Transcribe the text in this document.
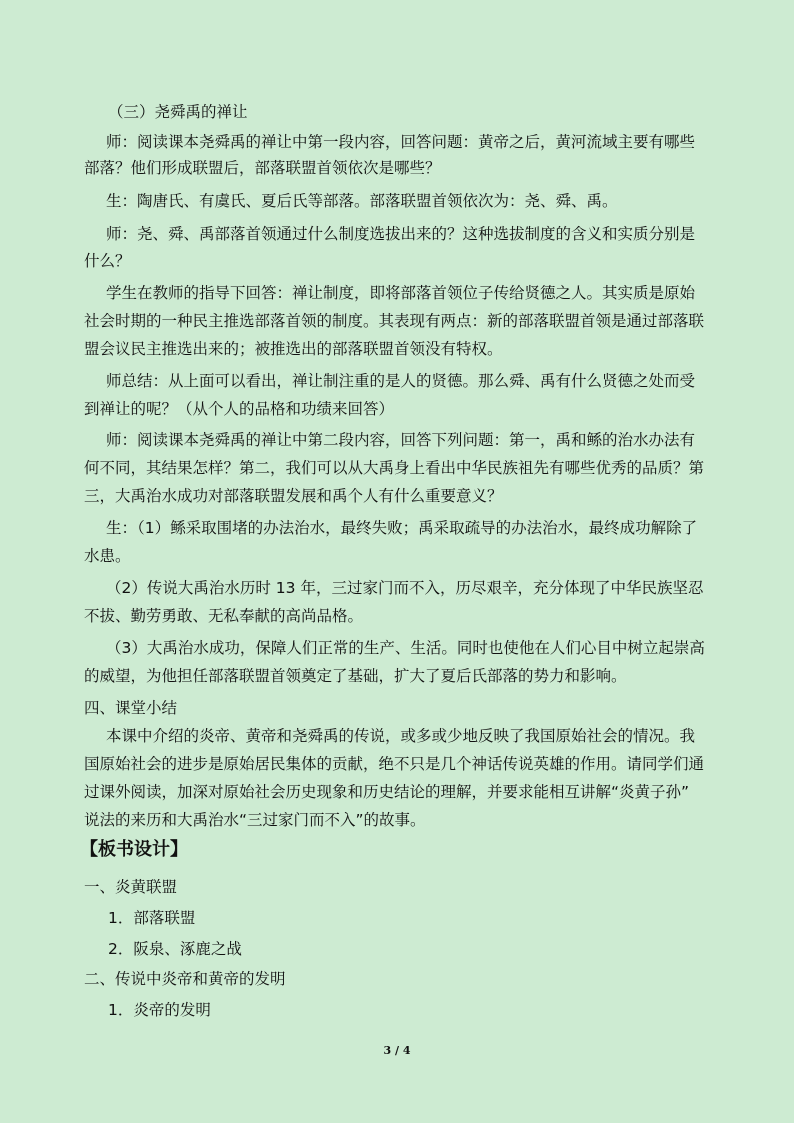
（三）尧舜禹的禅让
师：阅读课本尧舜禹的禅让中第一段内容，回答问题：黄帝之后，黄河流域主要有哪些
部落？他们形成联盟后，部落联盟首领依次是哪些？
生：陶唐氏、有虞氏、夏后氏等部落。部落联盟首领依次为：尧、舜、禹。
师：尧、舜、禹部落首领通过什么制度选拔出来的？这种选拔制度的含义和实质分别是
什么？
学生在教师的指导下回答：禅让制度，即将部落首领位子传给贤德之人。其实质是原始
社会时期的一种民主推选部落首领的制度。其表现有两点：新的部落联盟首领是通过部落联
盟会议民主推选出来的；被推选出的部落联盟首领没有特权。
师总结：从上面可以看出，禅让制注重的是人的贤德。那么舜、禹有什么贤德之处而受
到禅让的呢？（从个人的品格和功绩来回答）
师：阅读课本尧舜禹的禅让中第二段内容，回答下列问题：第一，禹和鲧的治水办法有
何不同，其结果怎样？第二，我们可以从大禹身上看出中华民族祖先有哪些优秀的品质？第
三，大禹治水成功对部落联盟发展和禹个人有什么重要意义？
生：（1）鲧采取围堵的办法治水，最终失败；禹采取疏导的办法治水，最终成功解除了
水患。
（2）传说大禹治水历时 13 年，三过家门而不入，历尽艰辛，充分体现了中华民族坚忍
不拔、勤劳勇敢、无私奉献的高尚品格。
（3）大禹治水成功，保障人们正常的生产、生活。同时也使他在人们心目中树立起崇高
的威望，为他担任部落联盟首领奠定了基础，扩大了夏后氏部落的势力和影响。
四、课堂小结
本课中介绍的炎帝、黄帝和尧舜禹的传说，或多或少地反映了我国原始社会的情况。我
国原始社会的进步是原始居民集体的贡献，绝不只是几个神话传说英雄的作用。请同学们通
过课外阅读，加深对原始社会历史现象和历史结论的理解，并要求能相互讲解“炎黄子孙”
说法的来历和大禹治水“三过家门而不入”的故事。
【板书设计】
一、炎黄联盟
1．部落联盟
2．阪泉、涿鹿之战
二、传说中炎帝和黄帝的发明
1．炎帝的发明
3 / 4
